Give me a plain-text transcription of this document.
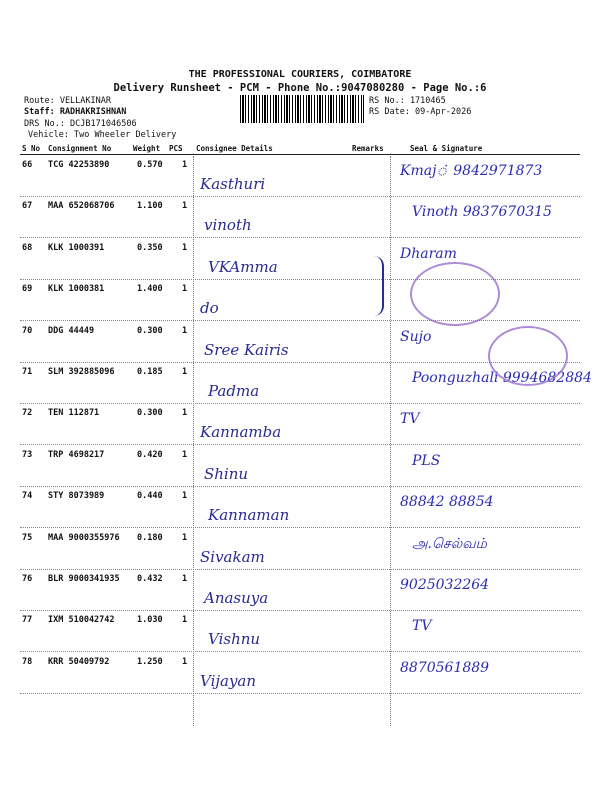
THE PROFESSIONAL COURIERS, COIMBATORE
Delivery Runsheet - PCM - Phone No.:9047080280 - Page No.:6
Route: VELLAKINAR
Staff: RADHAKRISHNAN
DRS No.: DCJB171046506
Vehicle: Two Wheeler Delivery
RS No.: 1710465
RS Date: 09-Apr-2026
S No Consignment No	Weight PCS Consignee Details	Remarks	Seal & Signature
66 TCG 42253890	0.570 1
Kasthuri
Kmaj் 9842971873
67 MAA 652068706	1.100 1
vinoth
Vinoth 9837670315
68 KLK 1000391	0.350 1
VKAmma
Dharam
69 KLK 1000381	1.400 1
do
70 DDG 44449	0.300 1
Sree Kairis
Sujo
71 SLM 392885096	0.185 1
Padma
Poonguzhali 9994682884
72 TEN 112871	0.300 1
Kannamba
TV
73 TRP 4698217	0.420 1
Shinu
PLS
74 STY 8073989	0.440 1
Kannaman
88842 88854
75 MAA 9000355976 0.180 1
Sivakam
அ.செல்வம்
76 BLR 9000341935 0.432 1
Anasuya
9025032264
77 IXM 510042742	1.030 1
Vishnu
TV
78 KRR 50409792	1.250 1
Vijayan
8870561889
